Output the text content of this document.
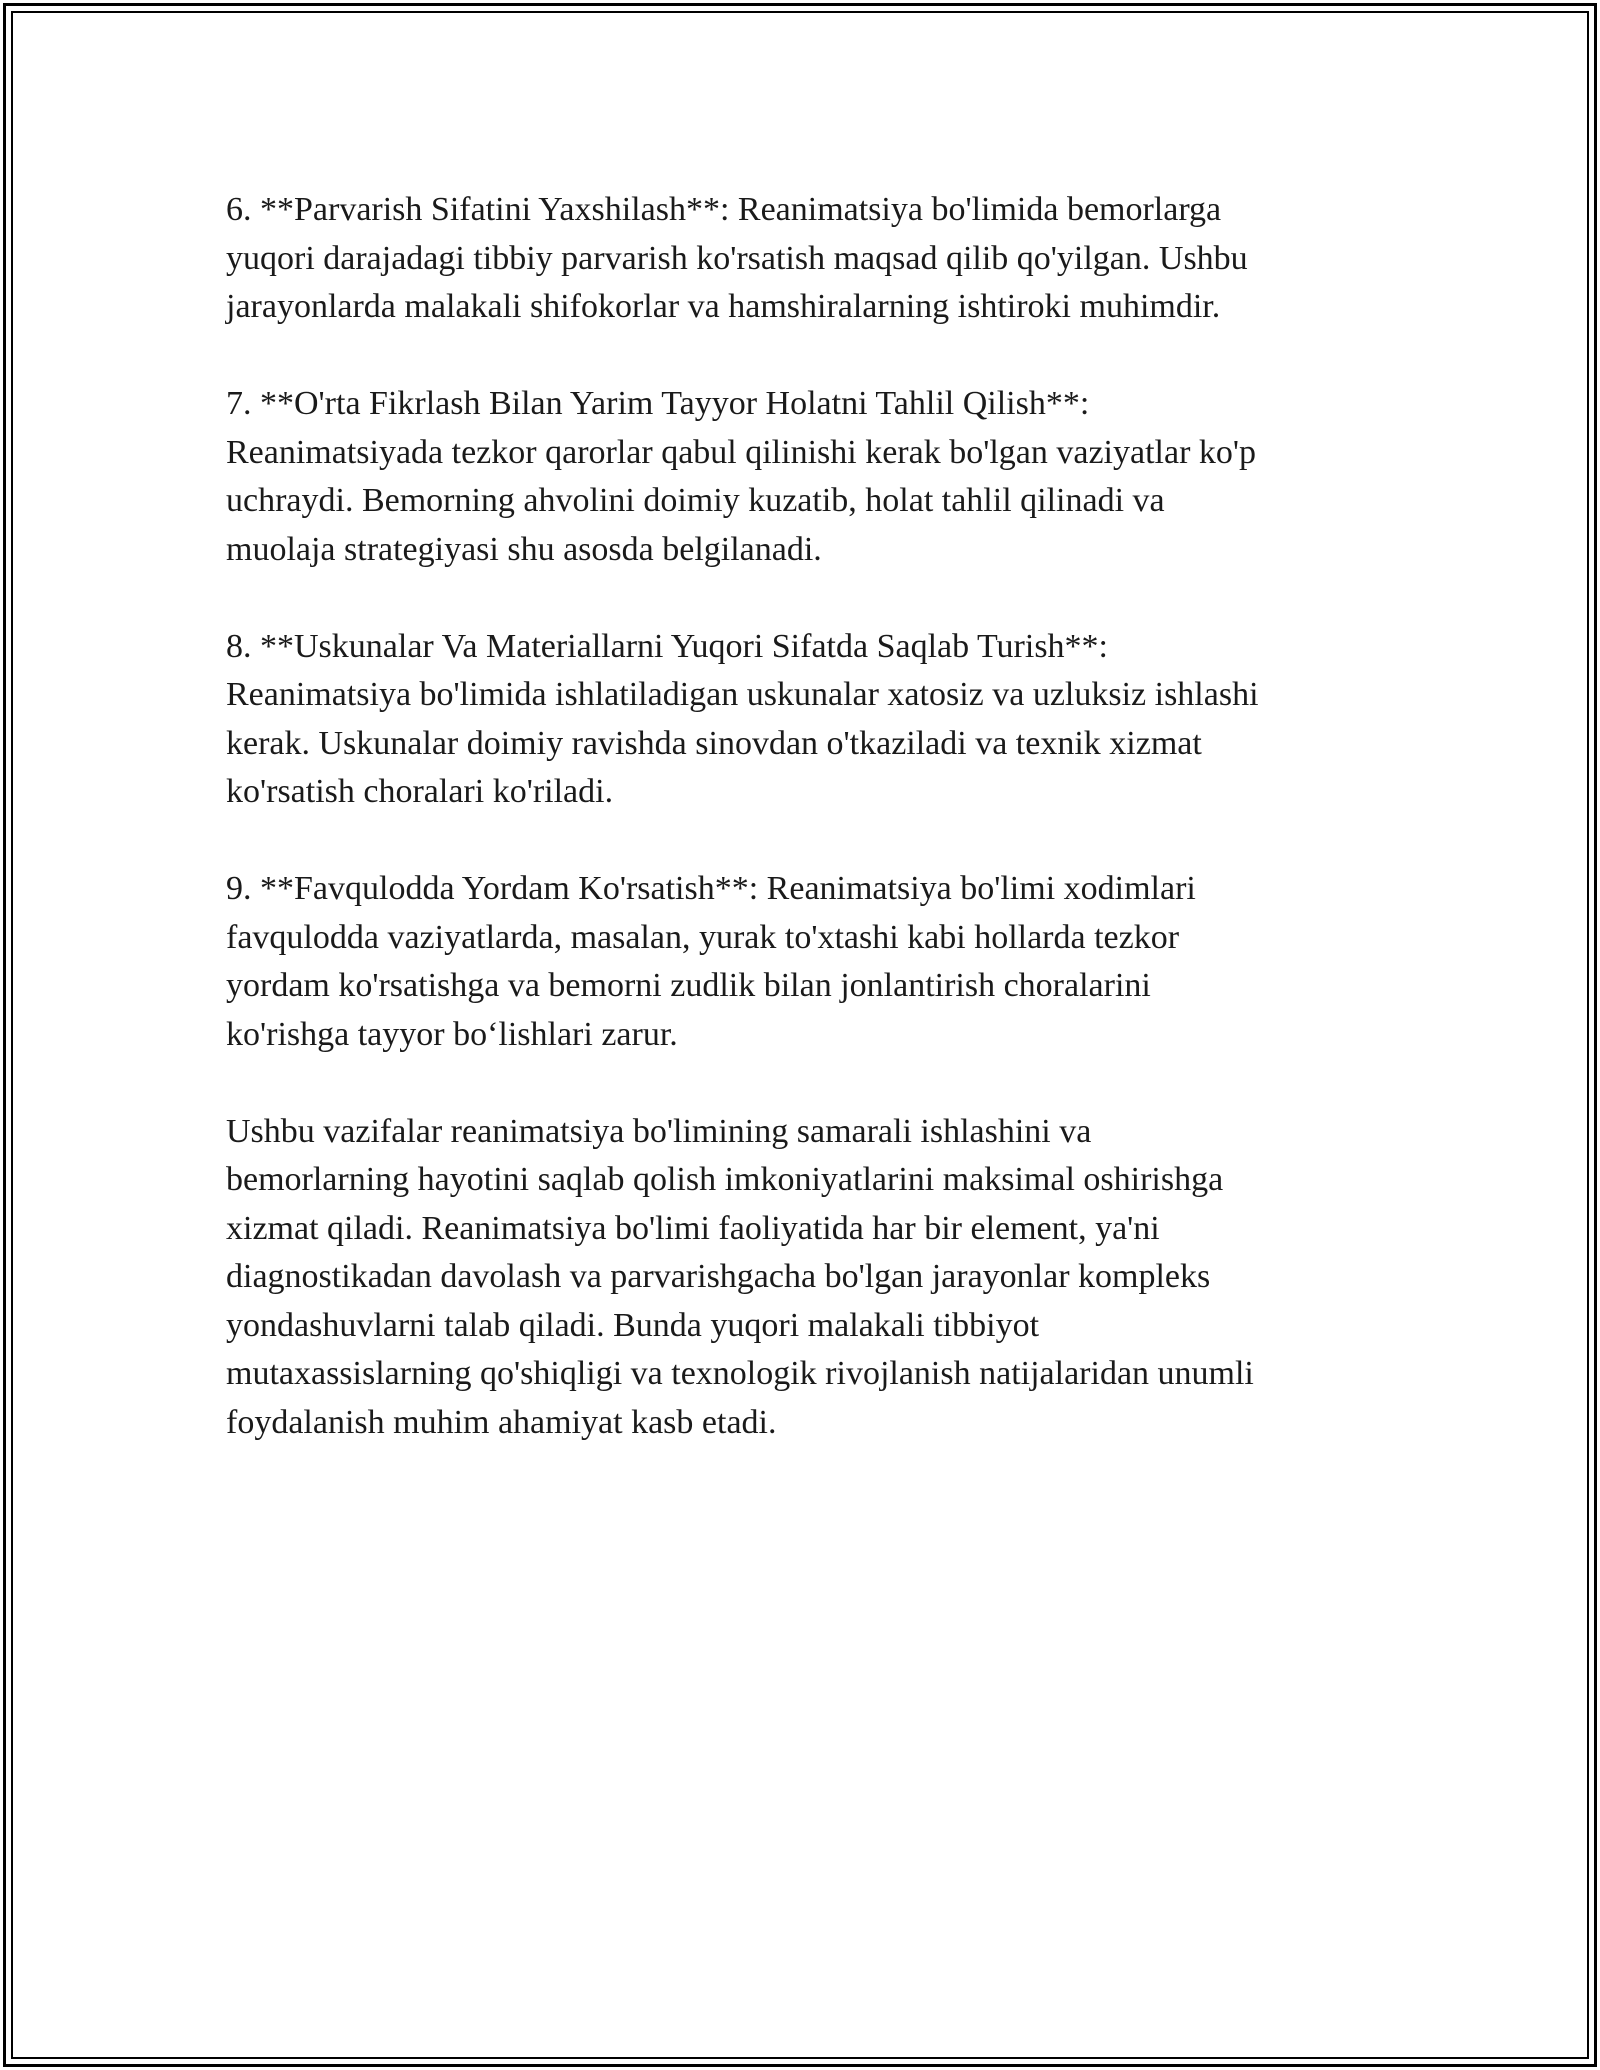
6. **Parvarish Sifatini Yaxshilash**: Reanimatsiya bo'limida bemorlarga
yuqori darajadagi tibbiy parvarish ko'rsatish maqsad qilib qo'yilgan. Ushbu
jarayonlarda malakali shifokorlar va hamshiralarning ishtiroki muhimdir.

7. **O'rta Fikrlash Bilan Yarim Tayyor Holatni Tahlil Qilish**:
Reanimatsiyada tezkor qarorlar qabul qilinishi kerak bo'lgan vaziyatlar ko'p
uchraydi. Bemorning ahvolini doimiy kuzatib, holat tahlil qilinadi va
muolaja strategiyasi shu asosda belgilanadi.

8. **Uskunalar Va Materiallarni Yuqori Sifatda Saqlab Turish**:
Reanimatsiya bo'limida ishlatiladigan uskunalar xatosiz va uzluksiz ishlashi
kerak. Uskunalar doimiy ravishda sinovdan o'tkaziladi va texnik xizmat
ko'rsatish choralari ko'riladi.

9. **Favqulodda Yordam Ko'rsatish**: Reanimatsiya bo'limi xodimlari
favqulodda vaziyatlarda, masalan, yurak to'xtashi kabi hollarda tezkor
yordam ko'rsatishga va bemorni zudlik bilan jonlantirish choralarini
ko'rishga tayyor bo‘lishlari zarur.

Ushbu vazifalar reanimatsiya bo'limining samarali ishlashini va
bemorlarning hayotini saqlab qolish imkoniyatlarini maksimal oshirishga
xizmat qiladi. Reanimatsiya bo'limi faoliyatida har bir element, ya'ni
diagnostikadan davolash va parvarishgacha bo'lgan jarayonlar kompleks
yondashuvlarni talab qiladi. Bunda yuqori malakali tibbiyot
mutaxassislarning qo'shiqligi va texnologik rivojlanish natijalaridan unumli
foydalanish muhim ahamiyat kasb etadi.
